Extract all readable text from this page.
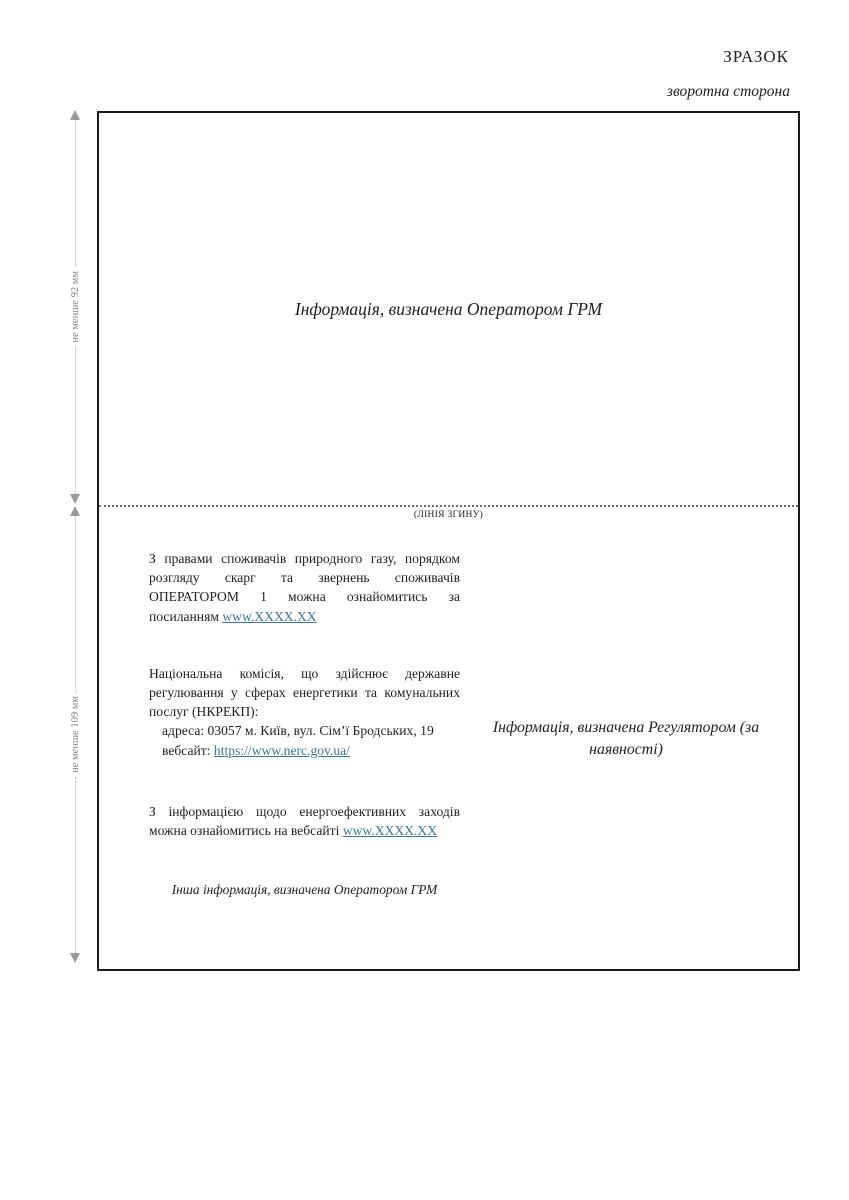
ЗРАЗОК
зворотна сторона
не менше 92 мм
не менше 109 мм
Інформація, визначена Оператором ГРМ
(ЛІНІЯ ЗГИНУ)

З правами споживачів природного газу, порядком розгляду скарг та звернень споживачів ОПЕРАТОРОМ 1 можна ознайомитись за посиланням www.XXXX.XX

Національна комісія, що здійснює державне регулювання у сферах енергетики та комунальних послуг (НКРЕКП):

адреса: 03057 м. Київ, вул. Сім’ї Бродських, 19
вебсайт: https://www.nerc.gov.ua/

З інформацією щодо енергоефективних заходів можна ознайомитись на вебсайті www.XXXX.XX

Інша інформація, визначена Оператором ГРМ
Інформація, визначена Регулятором (за наявності)
